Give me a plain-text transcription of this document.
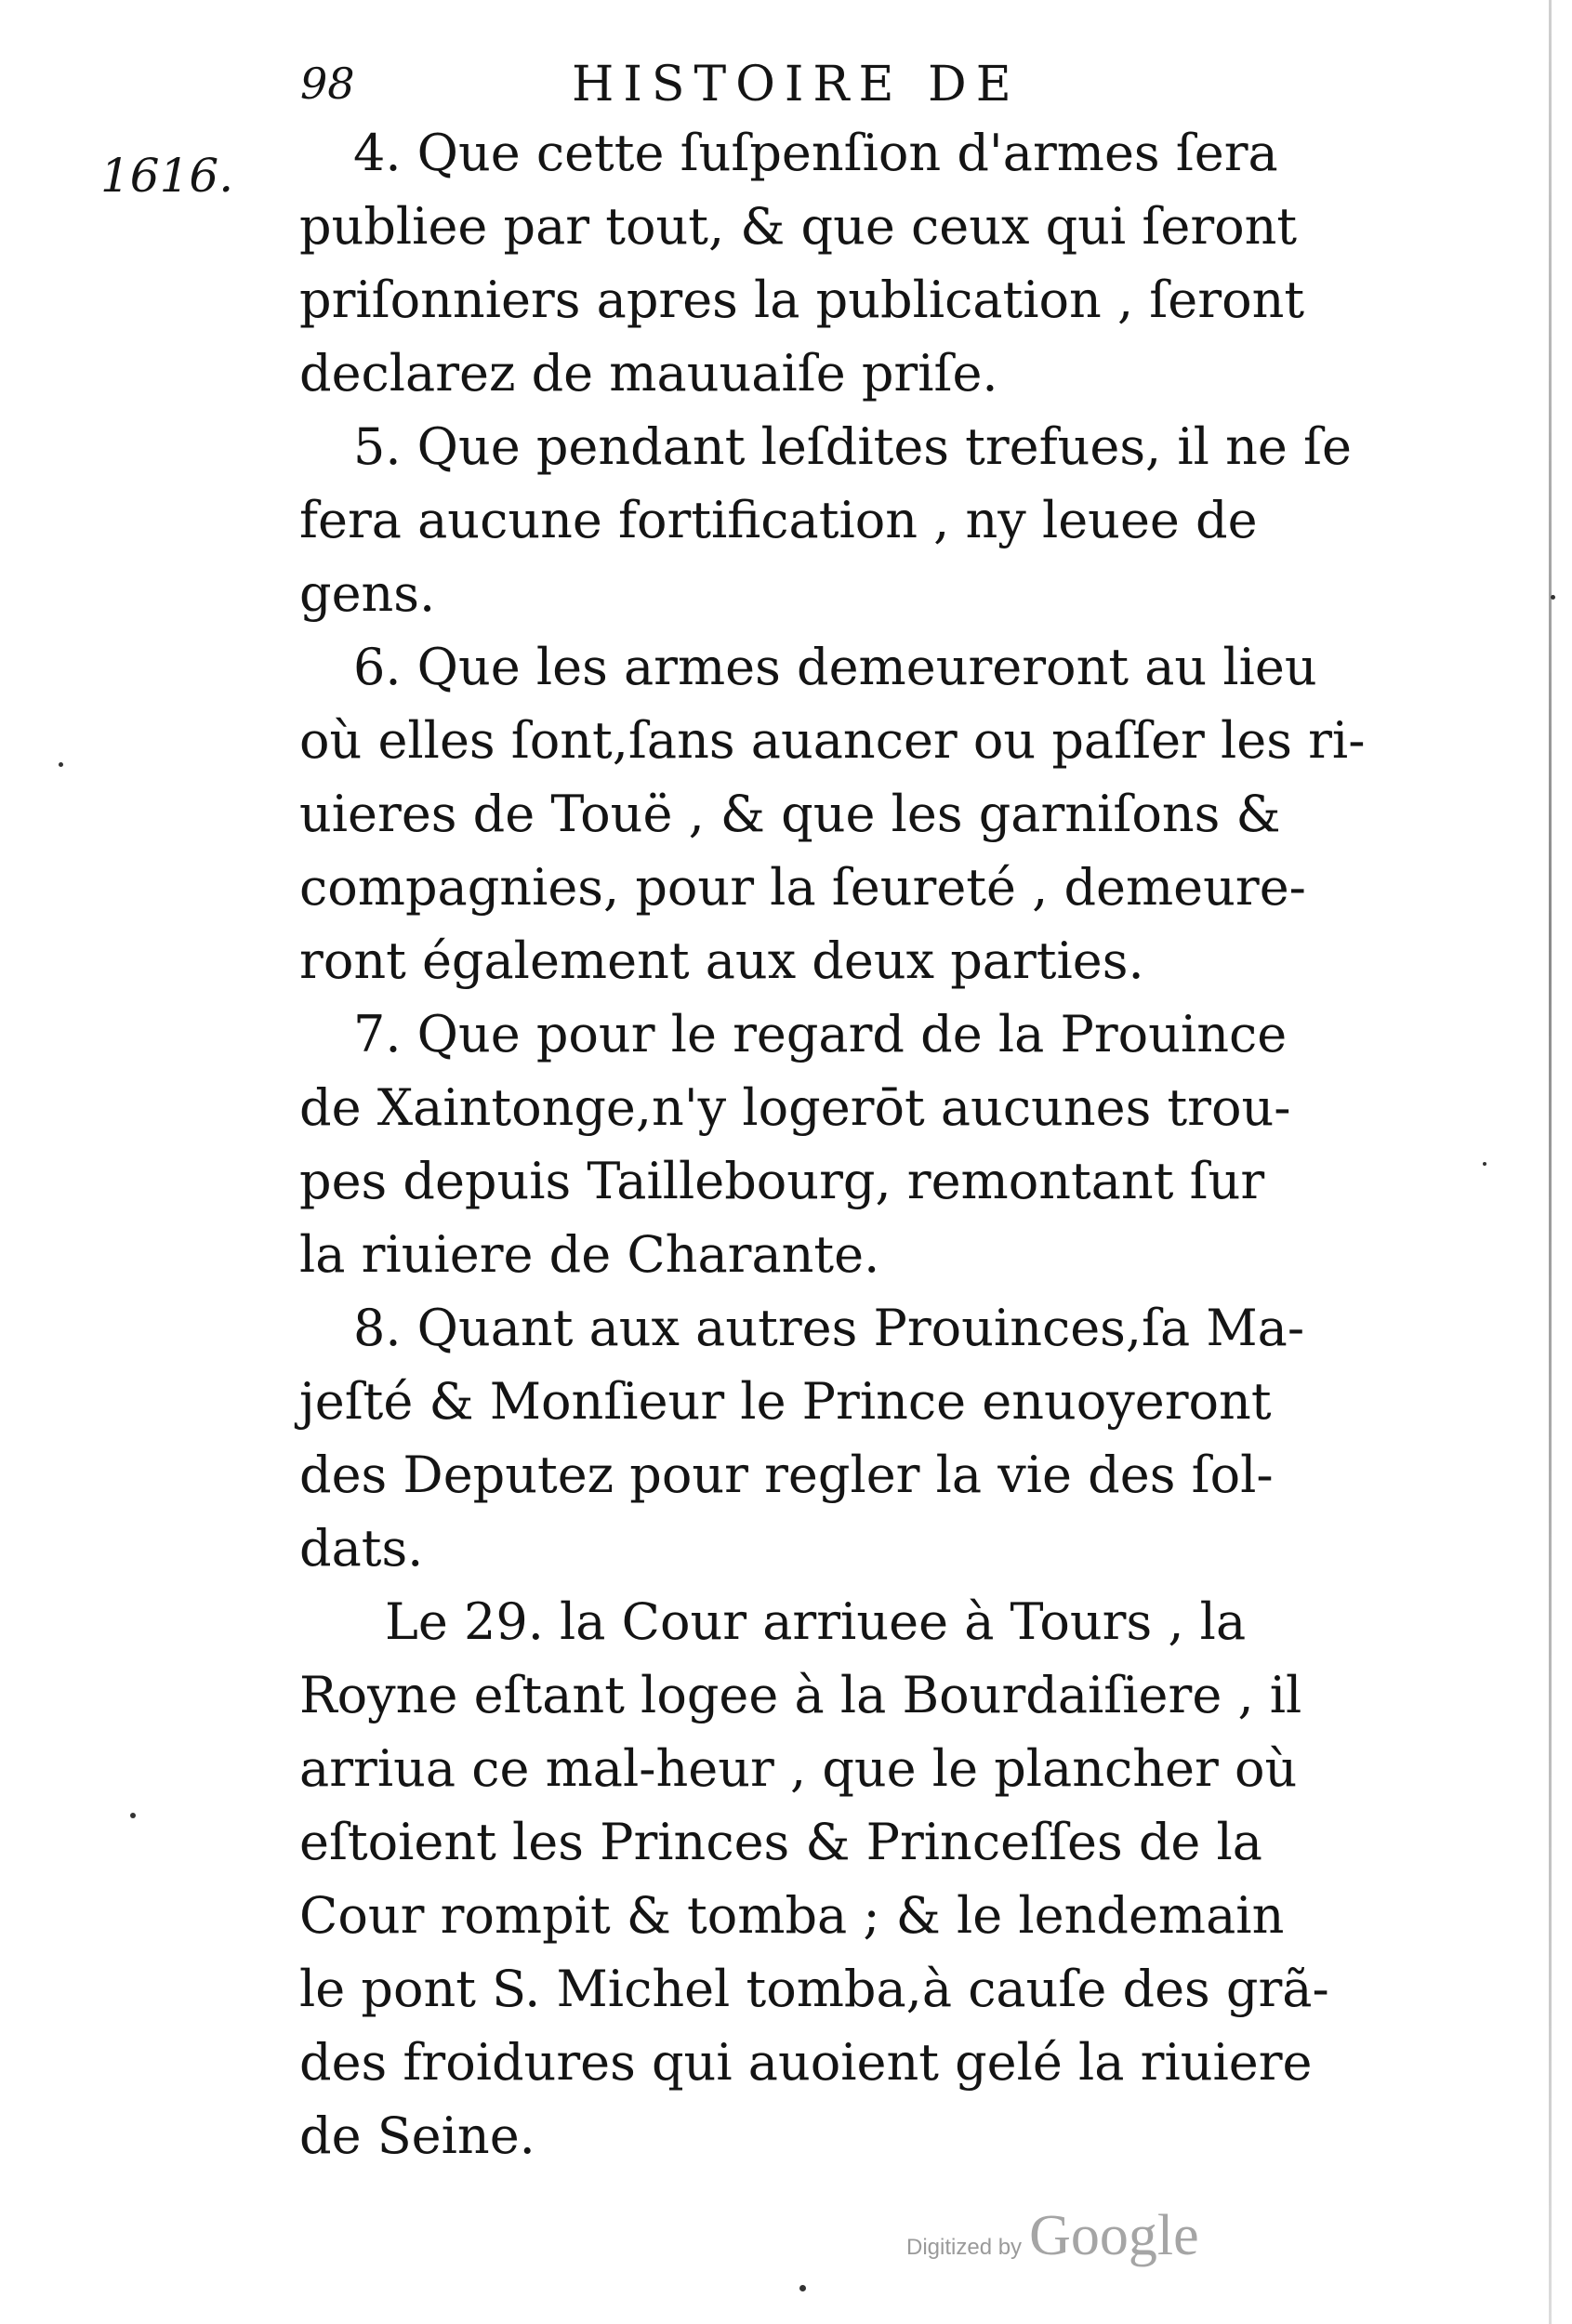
98	HISTOIRE DE
1616.	4. Que cette ſuſpenſion d'armes ſera
publiee par tout, & que ceux qui ſeront
priſonniers apres la publication , ſeront
declarez de mauuaiſe priſe.
5. Que pendant leſdites trefues, il ne ſe
fera aucune fortification , ny leuee de
gens.
6. Que les armes demeureront au lieu
où elles ſont,ſans auancer ou paſſer les ri-
uieres de Touë , & que les garniſons &
compagnies, pour la ſeureté , demeure-
ront également aux deux parties.
7. Que pour le regard de la Prouince
de Xaintonge,n'y logerōt aucunes trou-
pes depuis Taillebourg, remontant ſur
la riuiere de Charante.
8. Quant aux autres Prouinces,ſa Ma-
jeſté & Monſieur le Prince enuoyeront
des Deputez pour regler la vie des ſol-
dats.
Le 29. la Cour arriuee à Tours , la
Royne eſtant logee à la Bourdaiſiere , il
arriua ce mal-heur , que le plancher où
eſtoient les Princes & Princeſſes de la
Cour rompit & tomba ; & le lendemain
le pont S. Michel tomba,à cauſe des grã-
des froidures qui auoient gelé la riuiere
de Seine.
Digitized by Google
